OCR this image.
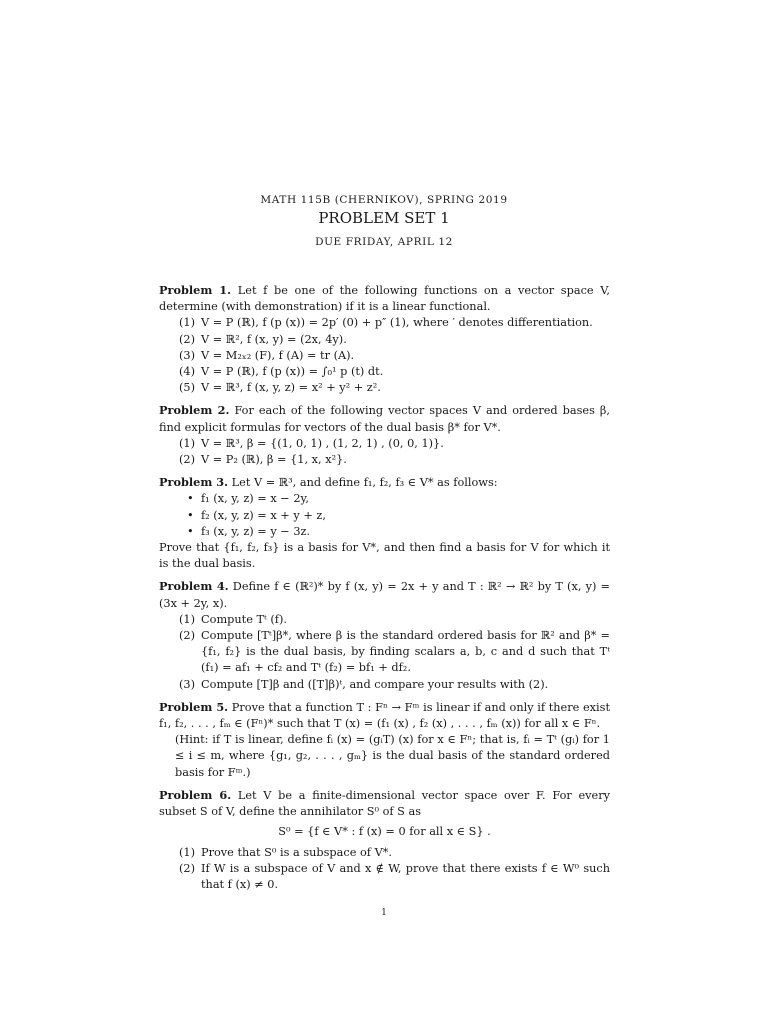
MATH 115B (CHERNIKOV), SPRING 2019
PROBLEM SET 1
DUE FRIDAY, APRIL 12

Problem 1. Let f be one of the following functions on a vector space V, determine (with demonstration) if it is a linear functional.

(1) V = P (ℝ), f (p (x)) = 2p′ (0) + p″ (1), where ′ denotes differentiation.
(2) V = ℝ², f (x, y) = (2x, 4y).
(3) V = M₂ₓ₂ (F), f (A) = tr (A).
(4) V = P (ℝ), f (p (x)) = ∫₀¹ p (t) dt.
(5) V = ℝ³, f (x, y, z) = x² + y² + z².

Problem 2. For each of the following vector spaces V and ordered bases β, find explicit formulas for vectors of the dual basis β* for V*.

(1) V = ℝ³, β = {(1, 0, 1) , (1, 2, 1) , (0, 0, 1)}.
(2) V = P₂ (ℝ), β = {1, x, x²}.

Problem 3. Let V = ℝ³, and define f₁, f₂, f₃ ∈ V* as follows:

• f₁ (x, y, z) = x − 2y,
• f₂ (x, y, z) = x + y + z,
• f₃ (x, y, z) = y − 3z.

Prove that {f₁, f₂, f₃} is a basis for V*, and then find a basis for V for which it is the dual basis.

Problem 4. Define f ∈ (ℝ²)* by f (x, y) = 2x + y and T : ℝ² → ℝ² by T (x, y) = (3x + 2y, x).

(1) Compute Tᵗ (f).
(2) Compute [Tᵗ]β*, where β is the standard ordered basis for ℝ² and β* = {f₁, f₂} is the dual basis, by finding scalars a, b, c and d such that Tᵗ (f₁) = af₁ + cf₂ and Tᵗ (f₂) = bf₁ + df₂.
(3) Compute [T]β and ([T]β)ᵗ, and compare your results with (2).

Problem 5. Prove that a function T : Fⁿ → Fᵐ is linear if and only if there exist f₁, f₂, . . . , fₘ ∈ (Fⁿ)* such that T (x) = (f₁ (x) , f₂ (x) , . . . , fₘ (x)) for all x ∈ Fⁿ.

(Hint: if T is linear, define fᵢ (x) = (gᵢT) (x) for x ∈ Fⁿ; that is, fᵢ = Tᵗ (gᵢ) for 1 ≤ i ≤ m, where {g₁, g₂, . . . , gₘ} is the dual basis of the standard ordered basis for Fᵐ.)

Problem 6. Let V be a finite-dimensional vector space over F. For every subset S of V, define the annihilator S⁰ of S as

S⁰ = {f ∈ V* : f (x) = 0 for all x ∈ S} .

(1) Prove that S⁰ is a subspace of V*.
(2) If W is a subspace of V and x ∉ W, prove that there exists f ∈ W⁰ such that f (x) ≠ 0.
1
